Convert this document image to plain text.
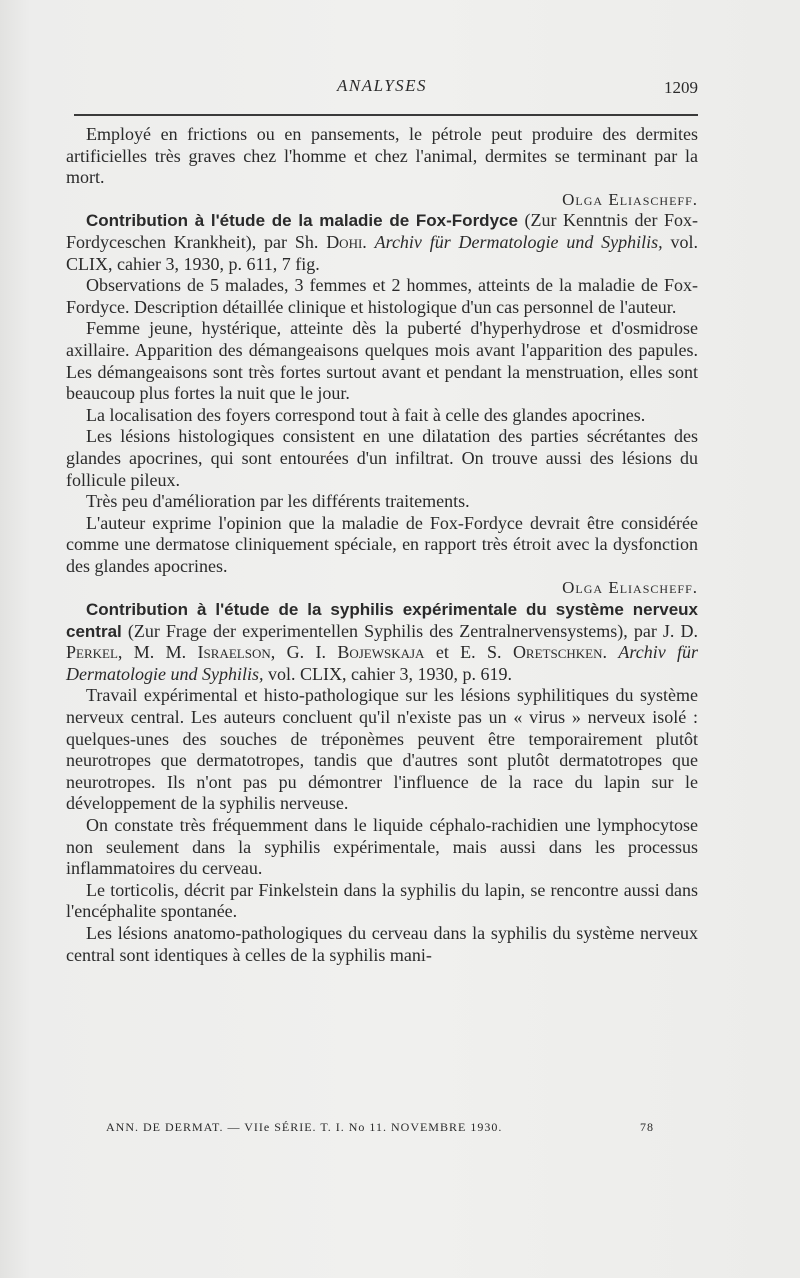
ANALYSES	1209

Employé en frictions ou en pansements, le pétrole peut produire des dermites artificielles très graves chez l'homme et chez l'animal, dermites se terminant par la mort.

Olga Eliascheff.

Contribution à l'étude de la maladie de Fox-Fordyce (Zur Kenntnis der Fox-Fordyceschen Krankheit), par Sh. Dohi. Archiv für Dermatologie und Syphilis, vol. CLIX, cahier 3, 1930, p. 611, 7 fig.

Observations de 5 malades, 3 femmes et 2 hommes, atteints de la maladie de Fox-Fordyce. Description détaillée clinique et histologique d'un cas personnel de l'auteur.

Femme jeune, hystérique, atteinte dès la puberté d'hyperhydrose et d'osmidrose axillaire. Apparition des démangeaisons quelques mois avant l'apparition des papules. Les démangeaisons sont très fortes surtout avant et pendant la menstruation, elles sont beaucoup plus fortes la nuit que le jour.

La localisation des foyers correspond tout à fait à celle des glandes apocrines.

Les lésions histologiques consistent en une dilatation des parties sécrétantes des glandes apocrines, qui sont entourées d'un infiltrat. On trouve aussi des lésions du follicule pileux.

Très peu d'amélioration par les différents traitements.

L'auteur exprime l'opinion que la maladie de Fox-Fordyce devrait être considérée comme une dermatose cliniquement spéciale, en rapport très étroit avec la dysfonction des glandes apocrines.

Olga Eliascheff.

Contribution à l'étude de la syphilis expérimentale du système nerveux central (Zur Frage der experimentellen Syphilis des Zentralnervensystems), par J. D. Perkel, M. M. Israelson, G. I. Bojewskaja et E. S. Oretschken. Archiv für Dermatologie und Syphilis, vol. CLIX, cahier 3, 1930, p. 619.

Travail expérimental et histo-pathologique sur les lésions syphilitiques du système nerveux central. Les auteurs concluent qu'il n'existe pas un « virus » nerveux isolé : quelques-unes des souches de tréponèmes peuvent être temporairement plutôt neurotropes que dermatotropes, tandis que d'autres sont plutôt dermatotropes que neurotropes. Ils n'ont pas pu démontrer l'influence de la race du lapin sur le développement de la syphilis nerveuse.

On constate très fréquemment dans le liquide céphalo-rachidien une lymphocytose non seulement dans la syphilis expérimentale, mais aussi dans les processus inflammatoires du cerveau.

Le torticolis, décrit par Finkelstein dans la syphilis du lapin, se rencontre aussi dans l'encéphalite spontanée.

Les lésions anatomo-pathologiques du cerveau dans la syphilis du système nerveux central sont identiques à celles de la syphilis mani-

ANN. DE DERMAT. — VIIe SÉRIE. T. I. No 11. NOVEMBRE 1930.	78
